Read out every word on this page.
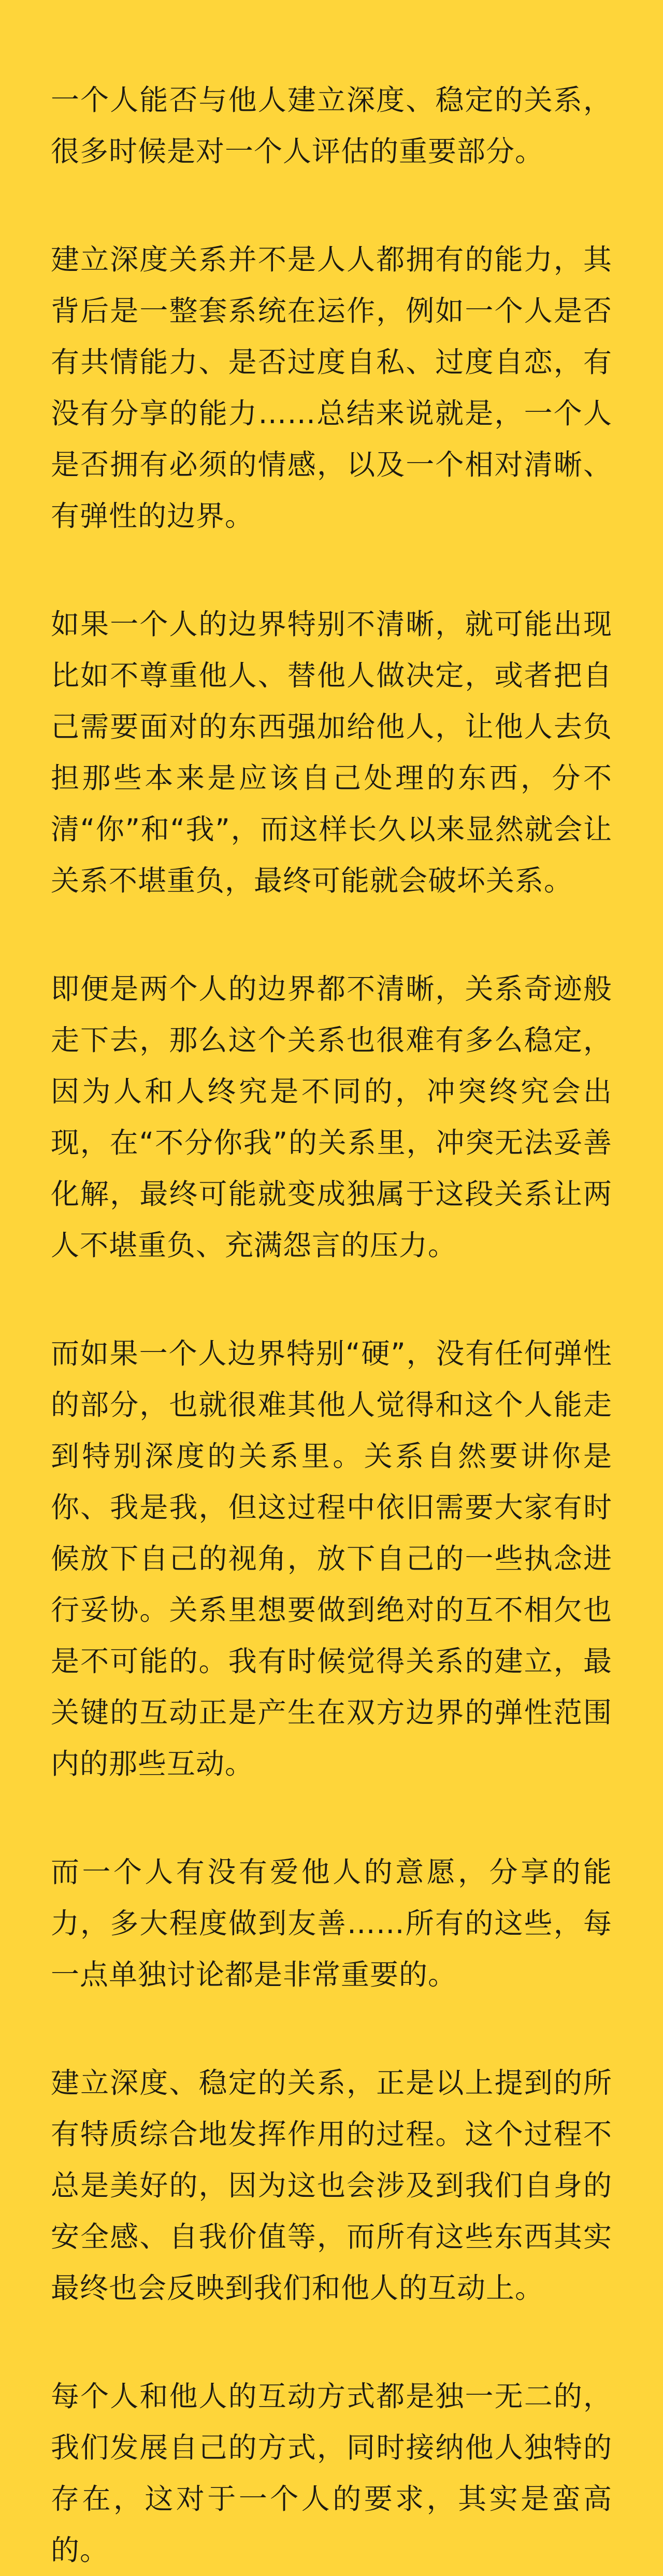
一个人能否与他人建立深度、稳定的关系，很多时候是对一个人评估的重要部分。

建立深度关系并不是人人都拥有的能力，其背后是一整套系统在运作，例如一个人是否有共情能力、是否过度自私、过度自恋，有没有分享的能力……总结来说就是，一个人是否拥有必须的情感，以及一个相对清晰、有弹性的边界。

如果一个人的边界特别不清晰，就可能出现比如不尊重他人、替他人做决定，或者把自己需要面对的东西强加给他人，让他人去负担那些本来是应该自己处理的东西，分不清“你”和“我”，而这样长久以来显然就会让关系不堪重负，最终可能就会破坏关系。

即便是两个人的边界都不清晰，关系奇迹般走下去，那么这个关系也很难有多么稳定，因为人和人终究是不同的，冲突终究会出现，在“不分你我”的关系里，冲突无法妥善化解，最终可能就变成独属于这段关系让两人不堪重负、充满怨言的压力。

而如果一个人边界特别“硬”，没有任何弹性的部分，也就很难其他人觉得和这个人能走到特别深度的关系里。关系自然要讲你是你、我是我，但这过程中依旧需要大家有时候放下自己的视角，放下自己的一些执念进行妥协。关系里想要做到绝对的互不相欠也是不可能的。我有时候觉得关系的建立，最关键的互动正是产生在双方边界的弹性范围内的那些互动。

而一个人有没有爱他人的意愿，分享的能力，多大程度做到友善……所有的这些，每一点单独讨论都是非常重要的。

建立深度、稳定的关系，正是以上提到的所有特质综合地发挥作用的过程。这个过程不总是美好的，因为这也会涉及到我们自身的安全感、自我价值等，而所有这些东西其实最终也会反映到我们和他人的互动上。

每个人和他人的互动方式都是独一无二的，我们发展自己的方式，同时接纳他人独特的存在，这对于一个人的要求，其实是蛮高的。
